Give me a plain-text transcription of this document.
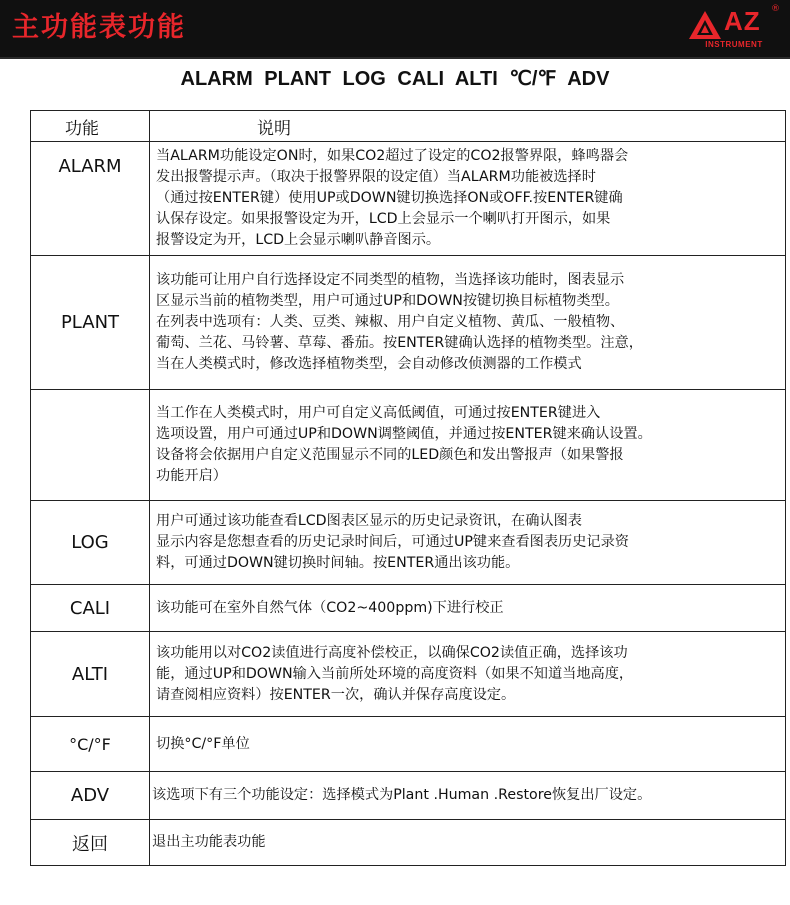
主功能表功能	AZ ®
INSTRUMENT
ALARM PLANT LOG CALI ALTI ℃/℉ ADV
功能	说明
ALARM	当ALARM功能设定ON时，如果CO2超过了设定的CO2报警界限，蜂鸣器会
发出报警提示声。（取决于报警界限的设定值）当ALARM功能被选择时
（通过按ENTER键）使用UP或DOWN键切换选择ON或OFF.按ENTER键确
认保存设定。如果报警设定为开，LCD上会显示一个喇叭打开图示，如果
报警设定为开，LCD上会显示喇叭静音图示。
PLANT	该功能可让用户自行选择设定不同类型的植物，当选择该功能时，图表显示
区显示当前的植物类型，用户可通过UP和DOWN按键切换目标植物类型。
在列表中选项有：人类、豆类、辣椒、用户自定义植物、黄瓜、一般植物、
葡萄、兰花、马铃薯、草莓、番茄。按ENTER键确认选择的植物类型。注意，
当在人类模式时，修改选择植物类型，会自动修改侦测器的工作模式
	当工作在人类模式时，用户可自定义高低阈值，可通过按ENTER键进入
选项设置，用户可通过UP和DOWN调整阈值，并通过按ENTER键来确认设置。
设备将会依据用户自定义范围显示不同的LED颜色和发出警报声（如果警报
功能开启）
LOG	用户可通过该功能查看LCD图表区显示的历史记录资讯，在确认图表
显示内容是您想查看的历史记录时间后，可通过UP键来查看图表历史记录资
料，可通过DOWN键切换时间轴。按ENTER通出该功能。
CALI	该功能可在室外自然气体（CO2~400ppm)下进行校正
ALTI	该功能用以对CO2读值进行高度补偿校正，以确保CO2读值正确，选择该功
能，通过UP和DOWN输入当前所处环境的高度资料（如果不知道当地高度，
请查阅相应资料）按ENTER一次，确认并保存高度设定。
°C/°F	切换°C/°F单位
ADV	该选项下有三个功能设定：选择模式为Plant .Human .Restore恢复出厂设定。
返回	退出主功能表功能
